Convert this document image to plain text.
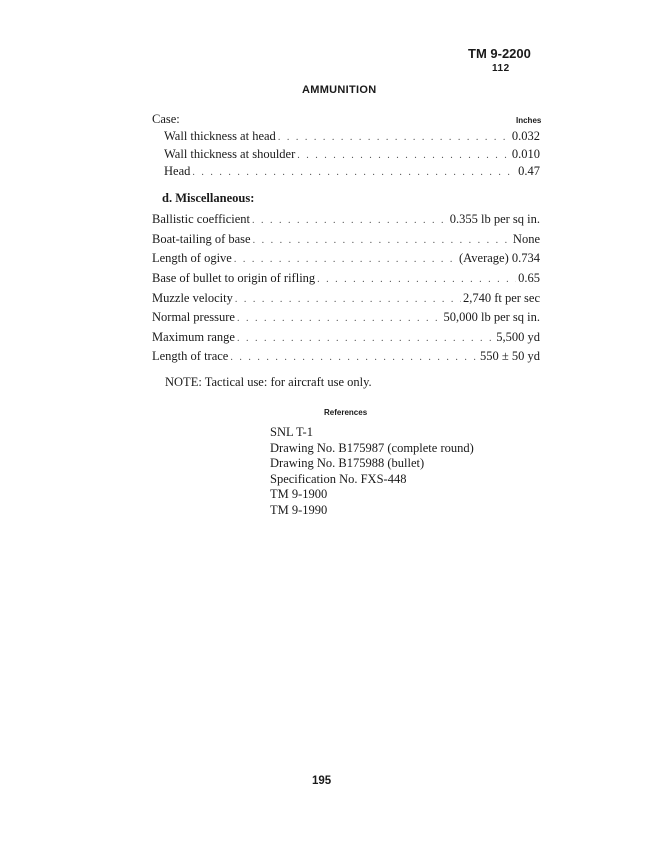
TM 9-2200
112
AMMUNITION
Case:	Inches
Wall thickness at head . . .	0.032
Wall thickness at shoulder . . .	0.010
Head . . .	0.47
d. Miscellaneous:
Ballistic coefficient . . .	0.355 lb per sq in.
Boat-tailing of base . . .	None
Length of ogive . . .	(Average) 0.734
Base of bullet to origin of rifling . . .	0.65
Muzzle velocity . . .	2,740 ft per sec
Normal pressure . . .	50,000 lb per sq in.
Maximum range . . .	5,500 yd
Length of trace . . .	550 ± 50 yd
NOTE: Tactical use: for aircraft use only.
References
SNL T-1
Drawing No. B175987 (complete round)
Drawing No. B175988 (bullet)
Specification No. FXS-448
TM 9-1900
TM 9-1990
195
